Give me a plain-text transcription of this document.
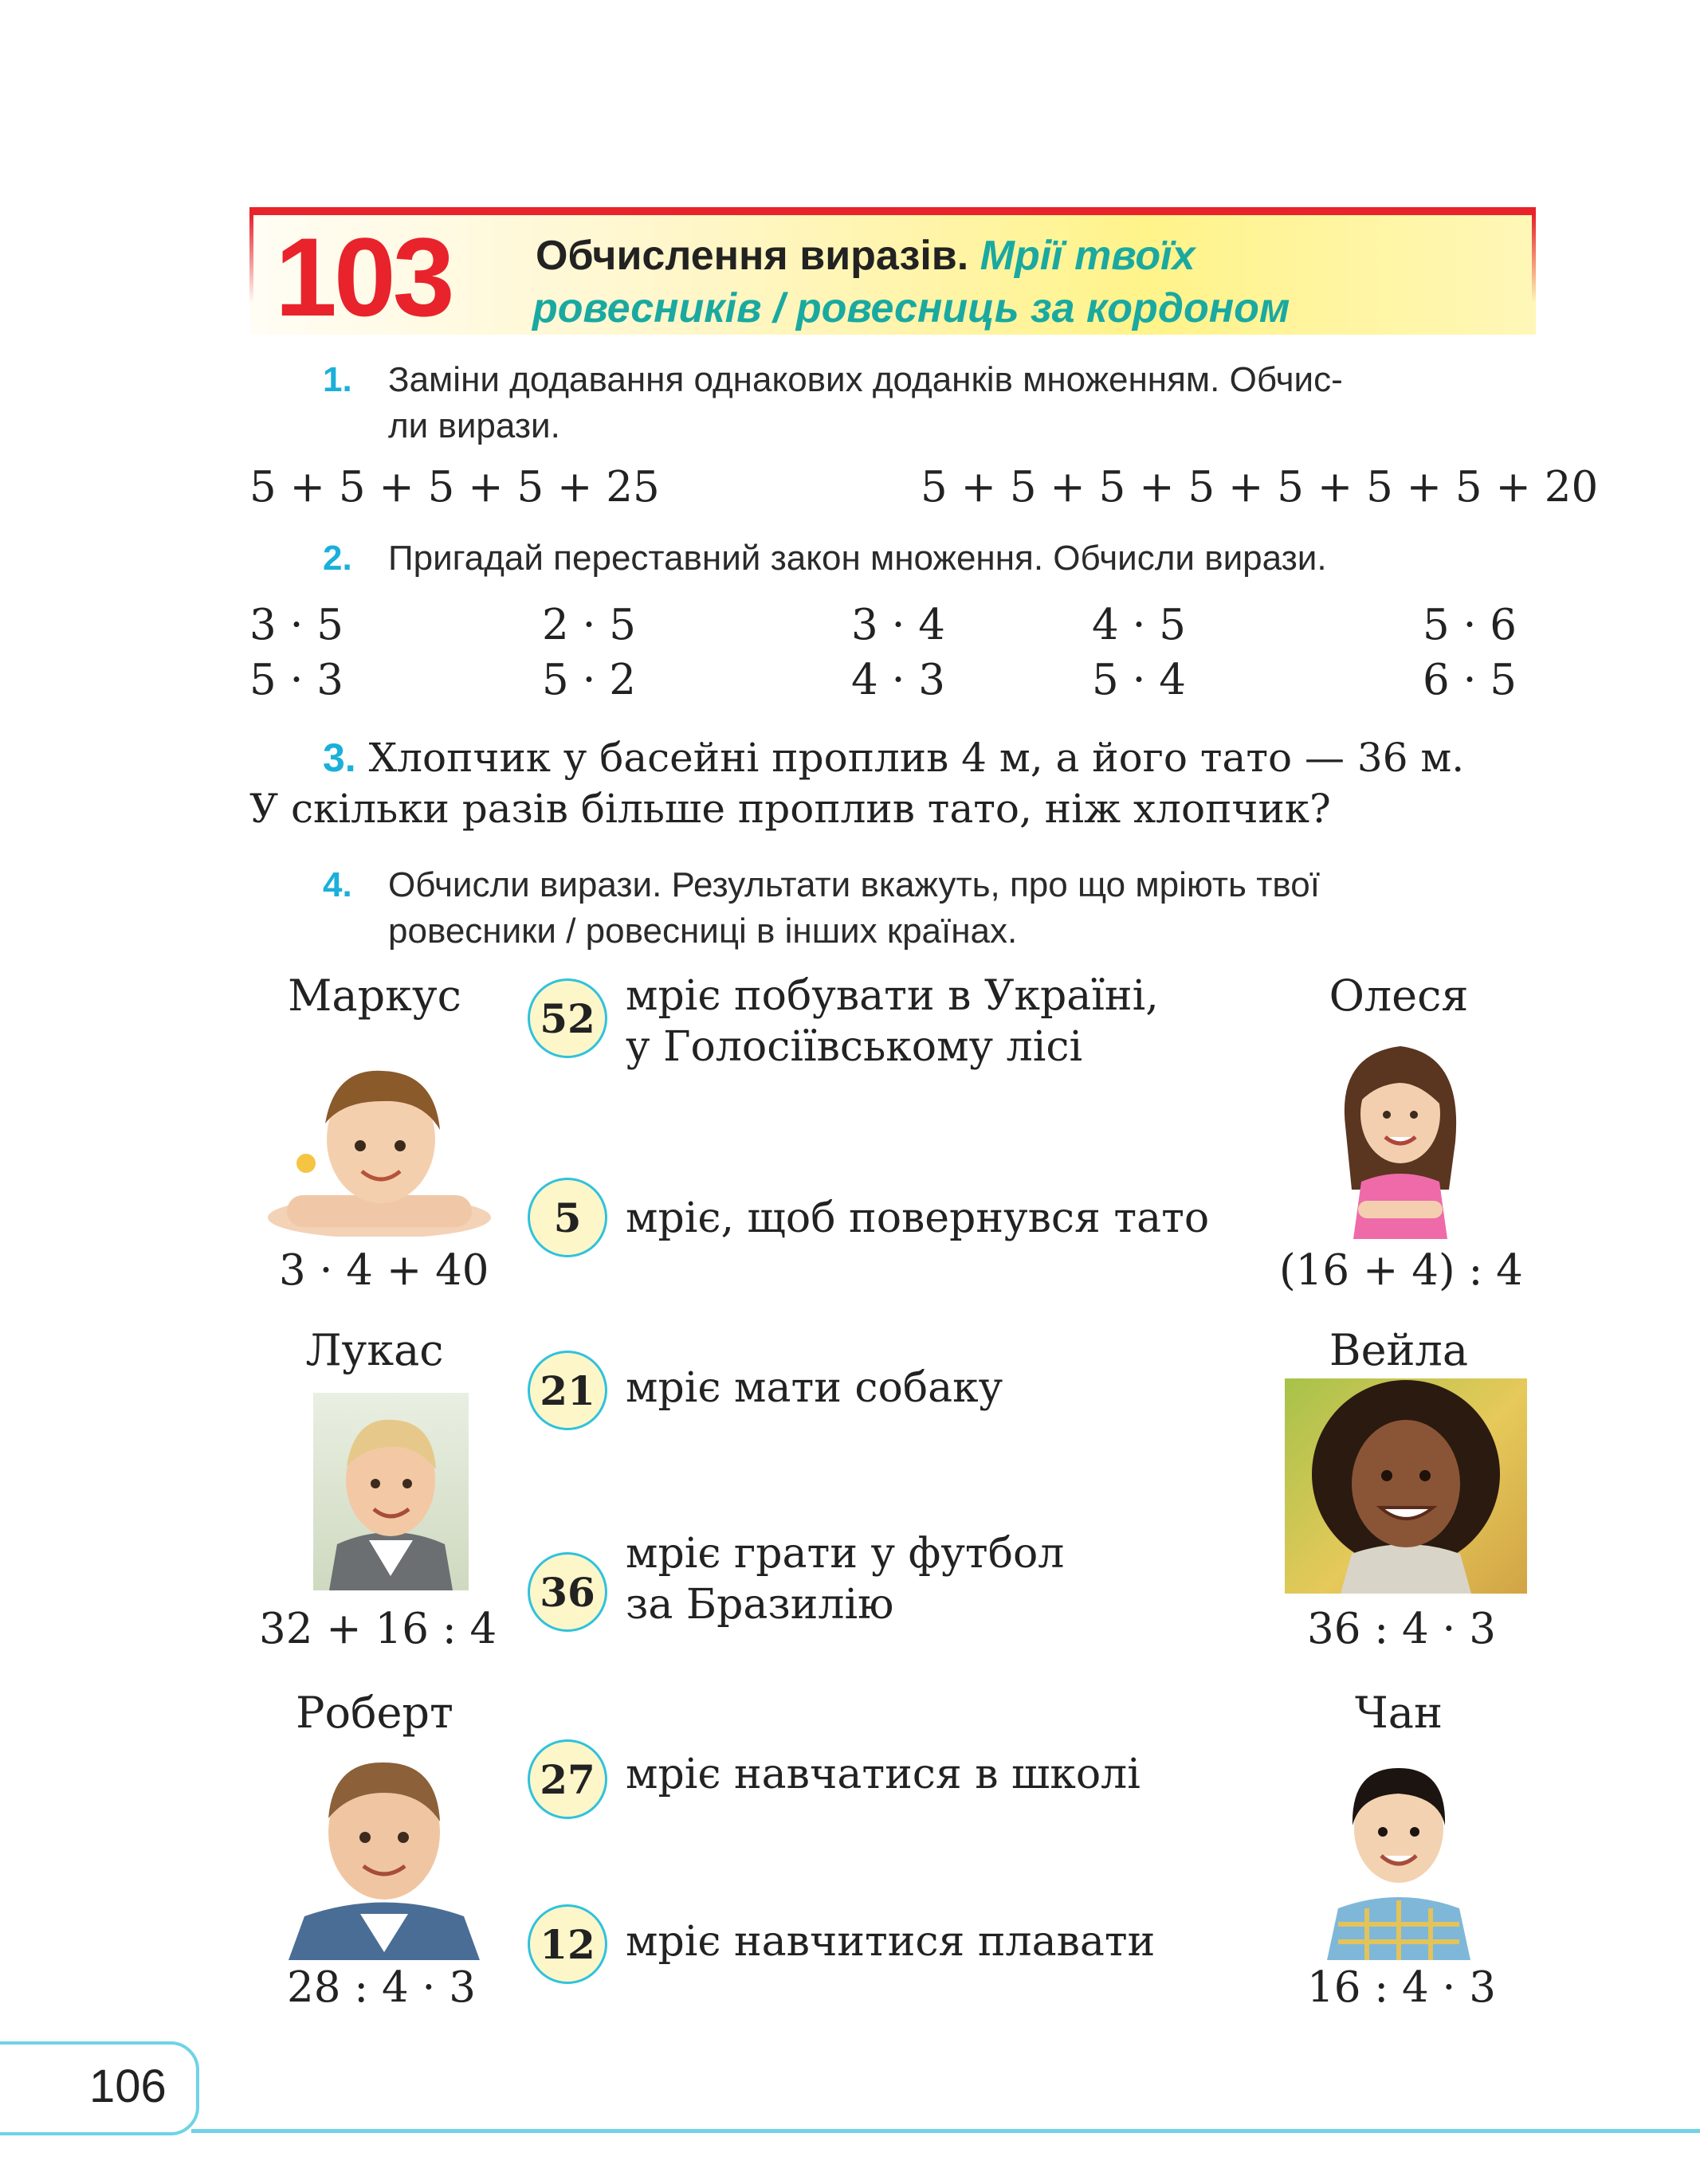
103 Обчислення виразів. Мрії твоїх
ровесників / ровесниць за кордоном
1. Заміни додавання однакових доданків множенням. Обчис-
ли вирази.
5 + 5 + 5 + 5 + 25	5 + 5 + 5 + 5 + 5 + 5 + 5 + 20
2. Пригадай переставний закон множення. Обчисли вирази.
3 · 5
5 · 3
2 · 5
5 · 2
3 · 4
4 · 3
4 · 5
5 · 4
5 · 6
6 · 5
3. Хлопчик у басейні проплив 4 м, а його тато — 36 м.
У скільки разів більше проплив тато, ніж хлопчик?
4. Обчисли вирази. Результати вкажуть, про що мріють твої
ровесники / ровесниці в інших країнах.
Маркус
3 · 4 + 40
Лукас
32 + 16 : 4
Роберт
28 : 4 · 3
52 мріє побувати в Україні,
у Голосіївському лісі
5	мріє, щоб повернувся тато
21 мріє мати собаку
36
мріє грати у футбол
за Бразилію
27 мріє навчатися в школі
12 мріє навчитися плавати
Олеся
(16 + 4) : 4
Вейла
36 : 4 · 3
Чан
16 : 4 · 3
106
